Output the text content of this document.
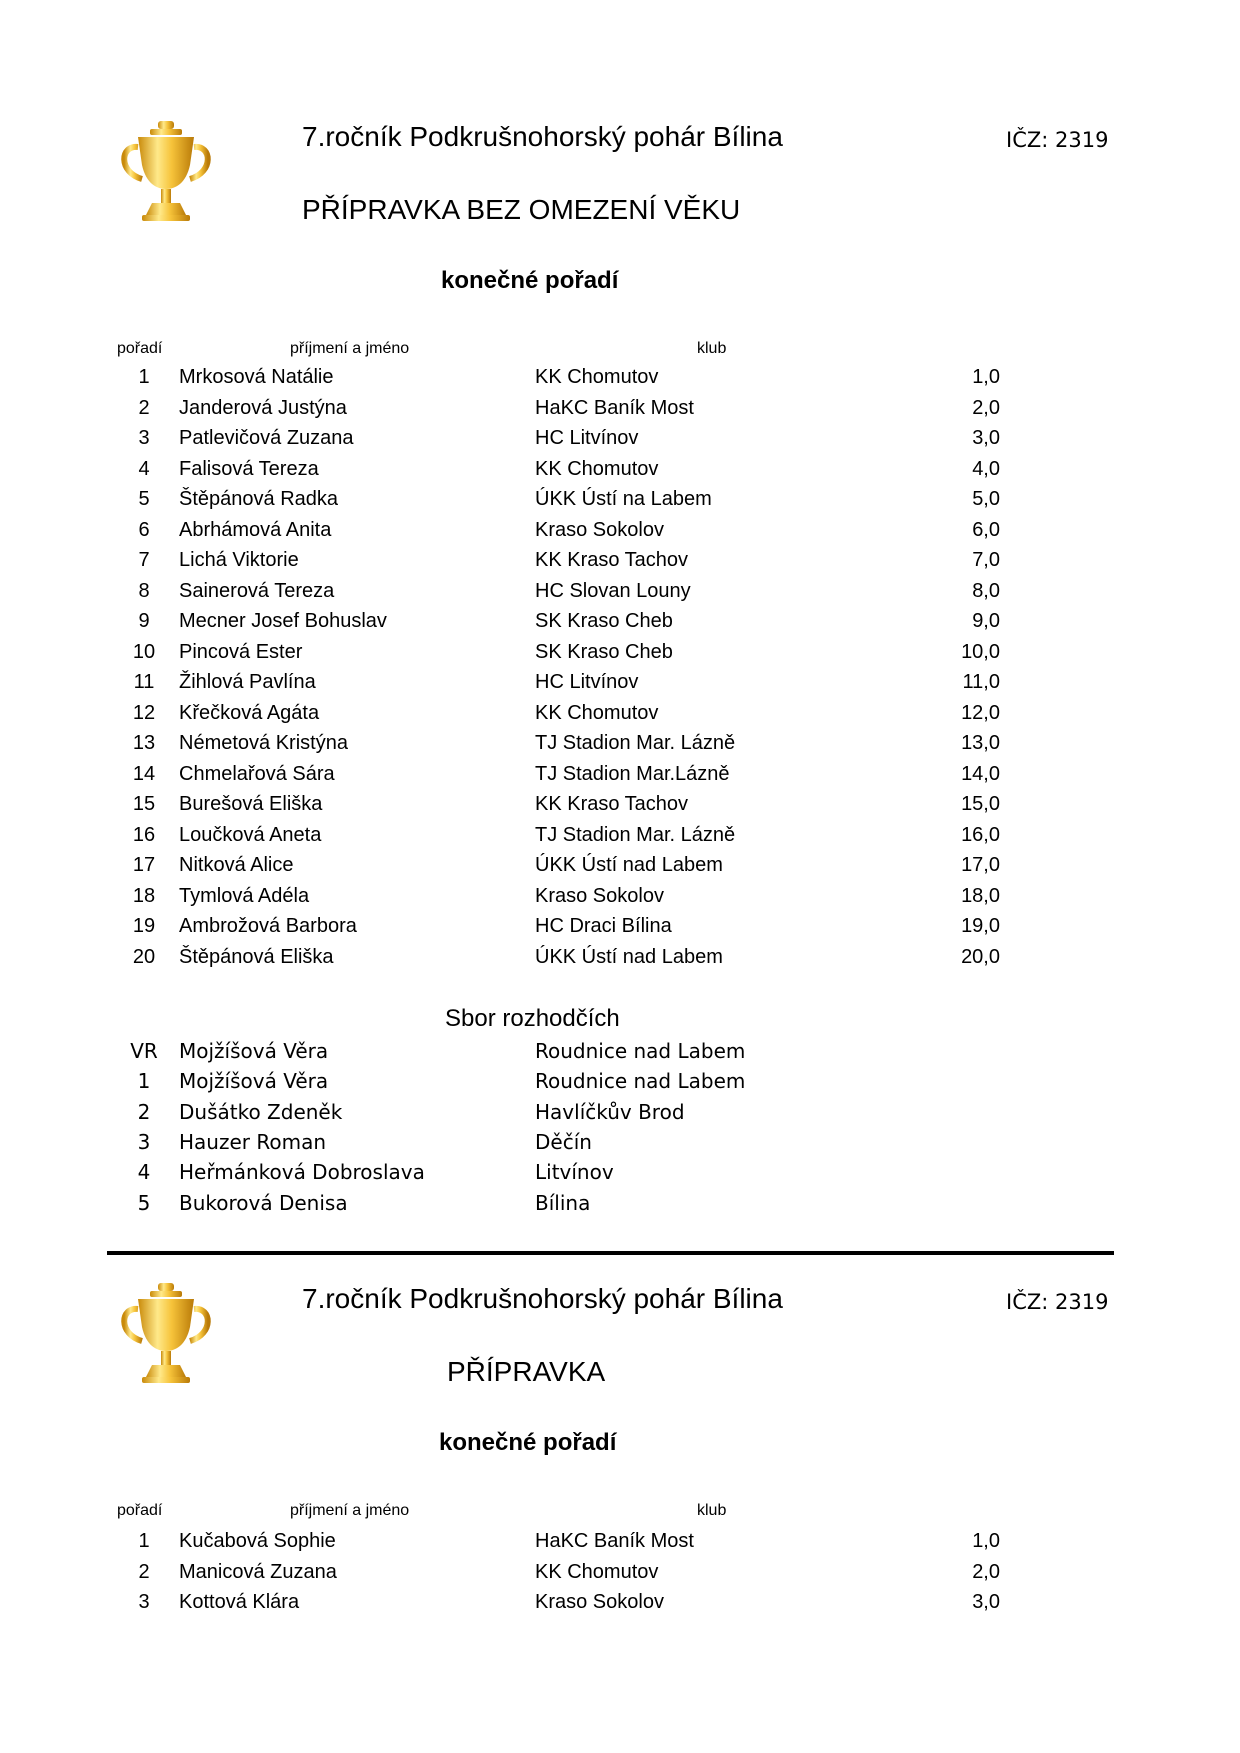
7.ročník Podkrušnohorský pohár Bílina	IČZ: 2319
PŘÍPRAVKA BEZ OMEZENÍ VĚKU
konečné pořadí
pořadí	příjmení a jméno	klub
1	Mrkosová Natálie	KK Chomutov	1,0
2	Janderová Justýna	HaKC Baník Most	2,0
3	Patlevičová Zuzana	HC Litvínov	3,0
4	Falisová Tereza	KK Chomutov	4,0
5	Štěpánová Radka	ÚKK Ústí na Labem	5,0
6	Abrhámová Anita	Kraso Sokolov	6,0
7	Lichá Viktorie	KK Kraso Tachov	7,0
8	Sainerová Tereza	HC Slovan Louny	8,0
9	Mecner Josef Bohuslav	SK Kraso Cheb	9,0
10	Pincová Ester	SK Kraso Cheb	10,0
11	Žihlová Pavlína	HC Litvínov	11,0
12	Křečková Agáta	KK Chomutov	12,0
13	Németová Kristýna	TJ Stadion Mar. Lázně	13,0
14	Chmelařová Sára	TJ Stadion Mar.Lázně	14,0
15	Burešová Eliška	KK Kraso Tachov	15,0
16	Loučková Aneta	TJ Stadion Mar. Lázně	16,0
17	Nitková Alice	ÚKK Ústí nad Labem	17,0
18	Tymlová Adéla	Kraso Sokolov	18,0
19	Ambrožová Barbora	HC Draci Bílina	19,0
20	Štěpánová Eliška	ÚKK Ústí nad Labem	20,0
Sbor rozhodčích
VR	Mojžíšová Věra	Roudnice nad Labem
1	Mojžíšová Věra	Roudnice nad Labem
2	Dušátko Zdeněk	Havlíčkův Brod
3	Hauzer Roman	Děčín
4	Heřmánková Dobroslava	Litvínov
5	Bukorová Denisa	Bílina
7.ročník Podkrušnohorský pohár Bílina	IČZ: 2319
PŘÍPRAVKA
konečné pořadí
pořadí	příjmení a jméno	klub
1	Kučabová Sophie	HaKC Baník Most	1,0
2	Manicová Zuzana	KK Chomutov	2,0
3	Kottová Klára	Kraso Sokolov	3,0
